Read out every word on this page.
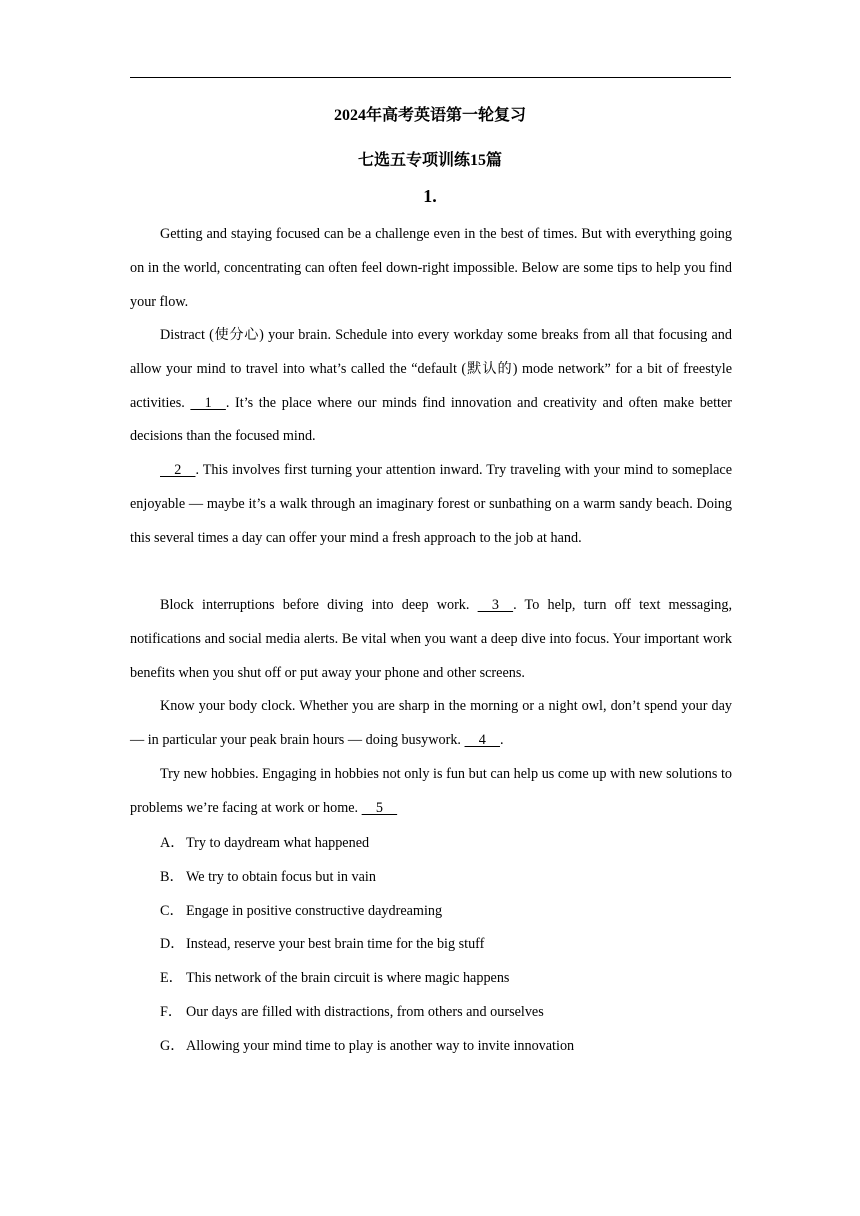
2024年高考英语第一轮复习
七选五专项训练15篇
1.

Getting and staying focused can be a challenge even in the best of times. But with everything going on in the world, concentrating can often feel down-right impossible. Below are some tips to help you find your flow.

Distract (使分心) your brain. Schedule into every workday some breaks from all that focusing and allow your mind to travel into what’s called the “default (默认的) mode network” for a bit of freestyle activities.     1    . It’s the place where our minds find innovation and creativity and often make better decisions than the focused mind.

2    . This involves first turning your attention inward. Try traveling with your mind to someplace enjoyable — maybe it’s a walk through an imaginary forest or sunbathing on a warm sandy beach. Doing this several times a day can offer your mind a fresh approach to the job at hand.

Block interruptions before diving into deep work.     3    . To help, turn off text messaging, notifications and social media alerts. Be vital when you want a deep dive into focus. Your important work benefits when you shut off or put away your phone and other screens.

Know your body clock. Whether you are sharp in the morning or a night owl, don’t spend your day — in particular your peak brain hours — doing busywork.     4    .

Try new hobbies. Engaging in hobbies not only is fun but can help us come up with new solutions to problems we’re facing at work or home.     5

A． Try to daydream what happened
B． We try to obtain focus but in vain
C． Engage in positive constructive daydreaming
D． Instead, reserve your best brain time for the big stuff
E． This network of the brain circuit is where magic happens
F． Our days are filled with distractions, from others and ourselves
G． Allowing your mind time to play is another way to invite innovation
